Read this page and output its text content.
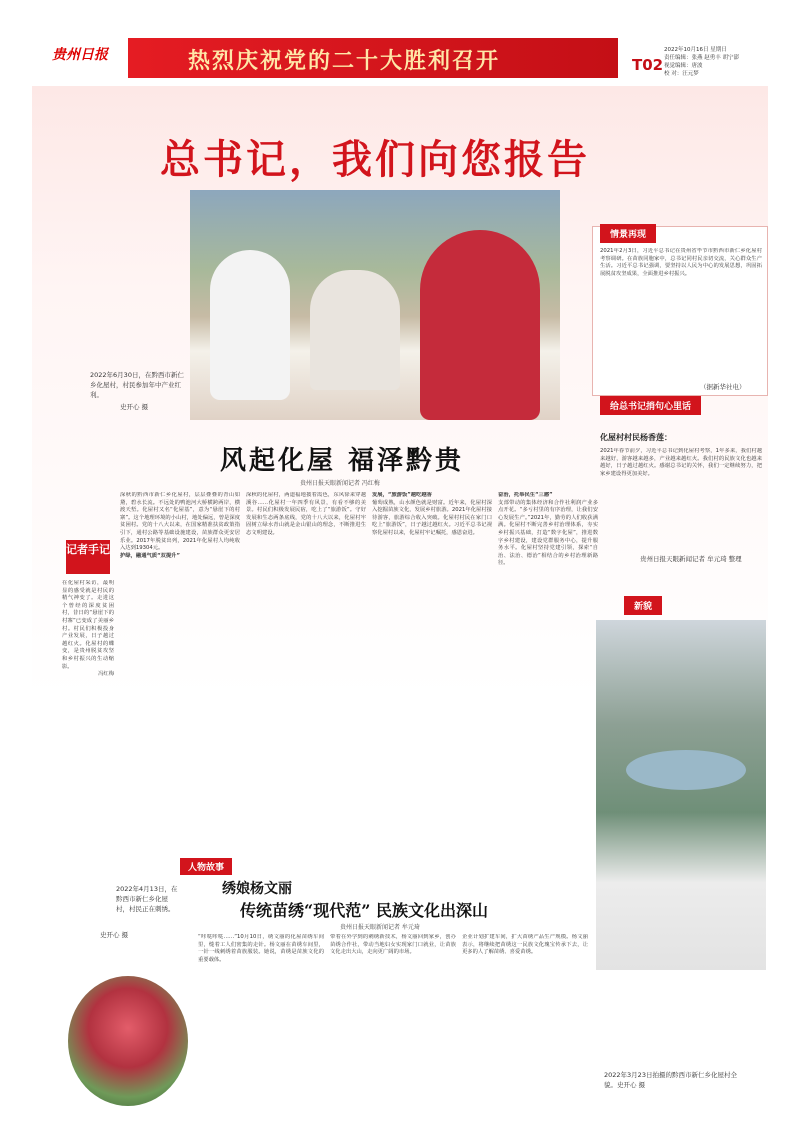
贵州日报	热烈庆祝党的二十大胜利召开	T02
2022年10月16日 星期日
责任编辑：张燕 赵勇丰 胡宁澎
视觉编辑：唐波
校 对：汪元梦
总书记，我们向您报告
2022年6月30日，在黔西市新仁乡化屋村，村民参加年中产业红利。
史开心 摄
风起化屋 福泽黔贵
贵州日报天眼新闻记者 冯红梅
深秋的黔西市新仁乡化屋村，层层叠叠的青山如黛，碧水长流。不远处的鸭池河大桥横跨两岸，横渡天堑。化屋村又名“化屋基”，意为“悬崖下的村寨”。这个地理环境的小山村，地处偏远，曾是深度贫困村。党的十八大以来，在国家精准扶贫政策指引下，通村公路等基础设施建设，苗族群众更安居乐业。2017年脱贫出列，2021年化屋村人均纯收入达到19304元。
护绿，融通气质“双提升”
深秋的化屋村，两道福地披着霞色，东风徐来穿越溪谷……化屋村一年四季有风景，有看不够的美景。村民们积极发展民宿，吃上了“旅游饭”。守好发展和生态两条底线，党的十八大以来，化屋村牢固树立绿水青山就是金山银山的理念，不断推进生态文明建设。
发展，“旅游饭”越吃越香
葡萄成熟，山水颜色就是财富。近年来，化屋村深入挖掘苗族文化，发展乡村旅游。2021年化屋村接待游客，旅游综合收入突破。化屋村村民在家门口吃上“旅游饭”，日子越过越红火。习近平总书记视察化屋村以来，化屋村牢记嘱托，感恩奋进。
奋治，托举民生“三感”
支部带动的集体经济和合作社利润产业多点开花。“多亏村里的有序治理，让我们安心发展生产。”2021年，勤劳的人们收获满满。化屋村不断完善乡村治理体系，夯实乡村振兴基础，打造“数字化屋”，推进数字乡村建设，建设党群服务中心，提升服务水平。化屋村坚持党建引领，探索“自治、法治、德治”相结合的乡村治理新路径。
记者手记
在化屋村采访，最明显的感受就是村民的精气神变了。走进这个曾经的深度贫困村，昔日的“悬崖下的村寨”已变成了美丽乡村。村民们积极投身产业发展，日子越过越红火。化屋村的蝶变，是贵州脱贫攻坚和乡村振兴的生动缩影。
冯红梅
2022年4月13日，在黔西市新仁乡化屋村，村民正在刺绣。
史开心 摄
情景再现
2021年2月3日，习近平总书记在贵州省毕节市黔西市新仁乡化屋村考察调研。在苗族同胞家中，总书记同村民亲切交流，关心群众生产生活。习近平总书记强调，要坚持以人民为中心的发展思想，巩固拓展脱贫攻坚成果，全面推进乡村振兴。
（据新华社电）
给总书记捎句心里话
化屋村村民杨香莲：
2021年春节前夕，习近平总书记到化屋村考察，1年多来，我们村越来越好，游客越来越多，产业越来越红火。我们村的民族文化也越来越好，日子越过越红火。感谢总书记的关怀，我们一定继续努力，把家乡建设得更加美好。
贵州日报天眼新闻记者 牟元琦 整理
新貌
2022年3月23日拍摄的黔西市新仁乡化屋村全貌。史开心 摄
人物故事
绣娘杨文丽
传统苗绣“现代范” 民族文化出深山
贵州日报天眼新闻记者 牟元琦
“咔哒咔哒……”10月10日，绣文丽的化屋苗绣车间里，缝着工人们密集的走针。杨文丽在苗绣车间里，一针一线刺绣着苗族服装。她说，苗绣是苗族文化的重要载体。
带着在外学到的刺绣新技术，杨文丽回到家乡，创办苗绣合作社，带动当地妇女实现家门口就业，让苗族文化走出大山，走向更广阔的市场。
企业计划扩建车间，扩大苗绣产品生产规模。杨文丽表示，将继续把苗绣这一民族文化瑰宝传承下去，让更多的人了解苗绣、喜爱苗绣。
